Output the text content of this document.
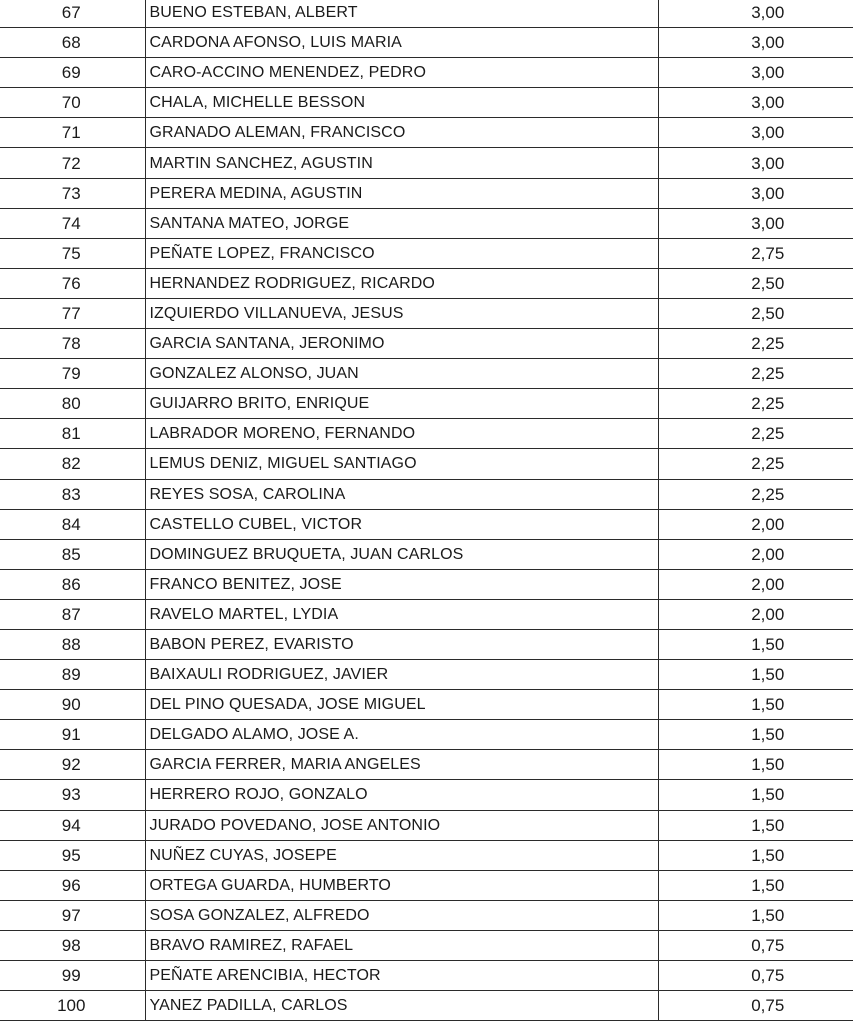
67	BUENO ESTEBAN, ALBERT	3,00
68	CARDONA AFONSO, LUIS MARIA	3,00
69	CARO-ACCINO MENENDEZ, PEDRO	3,00
70	CHALA, MICHELLE BESSON	3,00
71	GRANADO ALEMAN, FRANCISCO	3,00
72	MARTIN SANCHEZ, AGUSTIN	3,00
73	PERERA MEDINA, AGUSTIN	3,00
74	SANTANA MATEO, JORGE	3,00
75	PEÑATE LOPEZ, FRANCISCO	2,75
76	HERNANDEZ RODRIGUEZ, RICARDO	2,50
77	IZQUIERDO VILLANUEVA, JESUS	2,50
78	GARCIA SANTANA, JERONIMO	2,25
79	GONZALEZ ALONSO, JUAN	2,25
80	GUIJARRO BRITO, ENRIQUE	2,25
81	LABRADOR MORENO, FERNANDO	2,25
82	LEMUS DENIZ, MIGUEL SANTIAGO	2,25
83	REYES SOSA, CAROLINA	2,25
84	CASTELLO CUBEL, VICTOR	2,00
85	DOMINGUEZ BRUQUETA, JUAN CARLOS	2,00
86	FRANCO BENITEZ, JOSE	2,00
87	RAVELO MARTEL, LYDIA	2,00
88	BABON PEREZ, EVARISTO	1,50
89	BAIXAULI RODRIGUEZ, JAVIER	1,50
90	DEL PINO QUESADA, JOSE MIGUEL	1,50
91	DELGADO ALAMO, JOSE A.	1,50
92	GARCIA FERRER, MARIA ANGELES	1,50
93	HERRERO ROJO, GONZALO	1,50
94	JURADO POVEDANO, JOSE ANTONIO	1,50
95	NUÑEZ CUYAS, JOSEPE	1,50
96	ORTEGA GUARDA, HUMBERTO	1,50
97	SOSA GONZALEZ, ALFREDO	1,50
98	BRAVO RAMIREZ, RAFAEL	0,75
99	PEÑATE ARENCIBIA, HECTOR	0,75
100	YANEZ PADILLA, CARLOS	0,75
